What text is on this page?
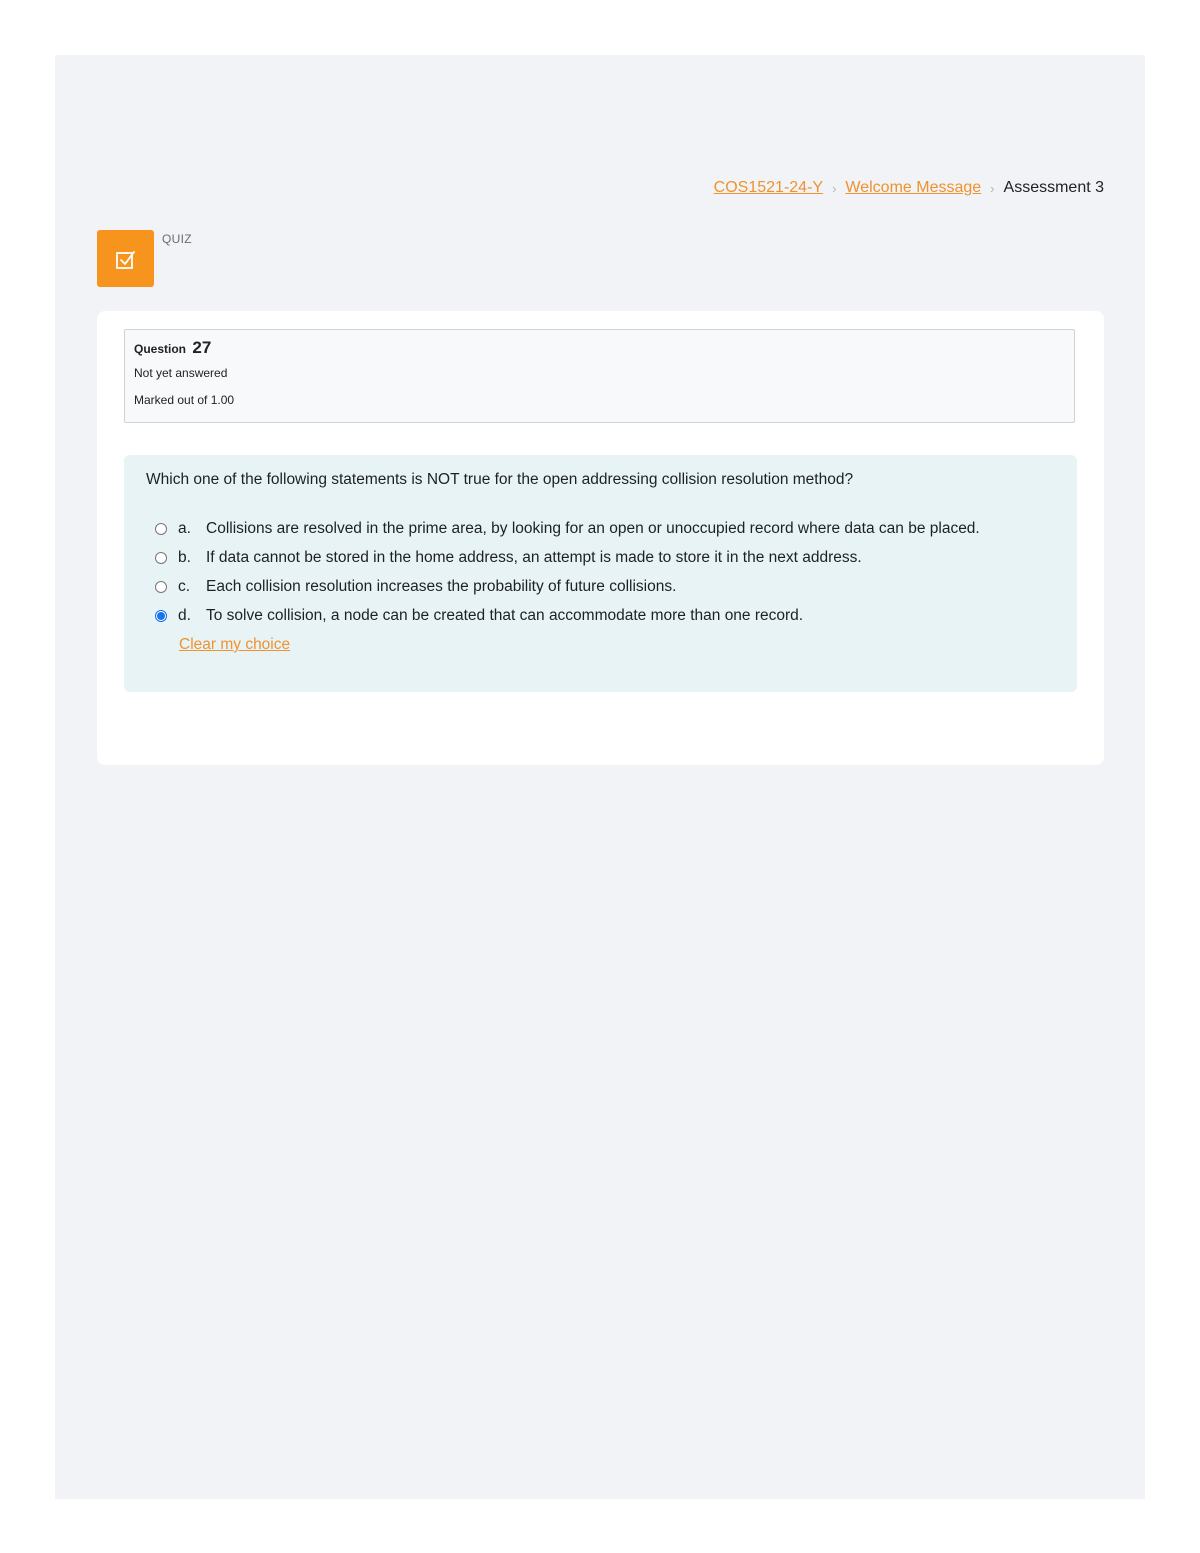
COS1521-24-Y › Welcome Message › Assessment 3
QUIZ
Question 27
Not yet answered
Marked out of 1.00
Which one of the following statements is NOT true for the open addressing collision resolution method?
a. Collisions are resolved in the prime area, by looking for an open or unoccupied record where data can be placed.
b. If data cannot be stored in the home address, an attempt is made to store it in the next address.
c.	Each collision resolution increases the probability of future collisions.
d. To solve collision, a node can be created that can accommodate more than one record.
Clear my choice
